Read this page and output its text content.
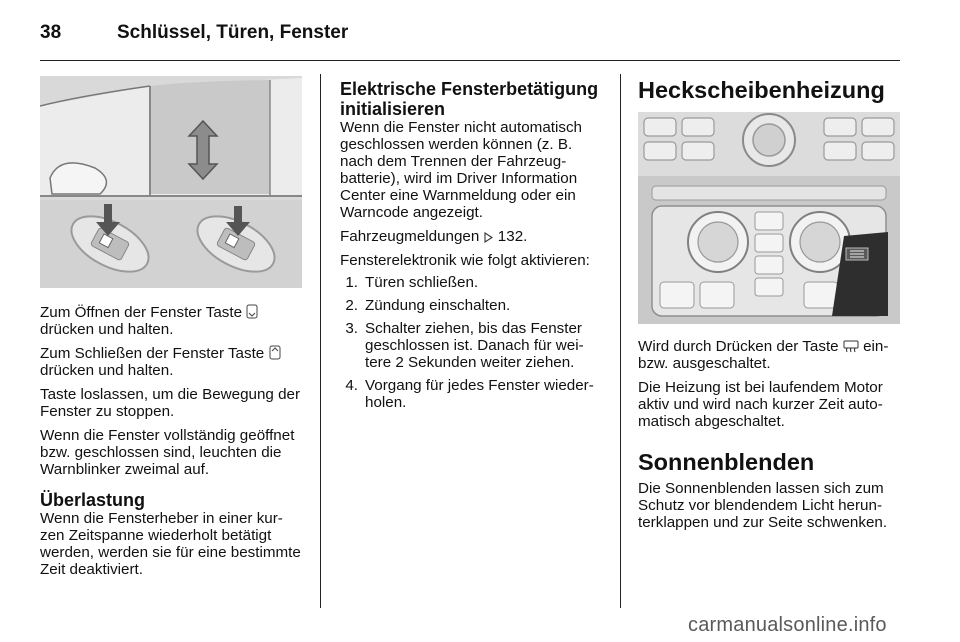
38	Schlüssel, Türen, Fenster

Zum Öffnen der Fenster Taste
drücken und halten.

Zum Schließen der Fenster Taste
drücken und halten.

Taste loslassen, um die Bewegung der Fenster zu stoppen.

Wenn die Fenster vollständig geöffnet bzw. geschlossen sind, leuchten die Warnblinker zweimal auf.

Überlastung

Wenn die Fensterheber in einer kurzen Zeitspanne wiederholt betätigt werden, werden sie für eine bestimmte Zeit deaktiviert.

Elektrische Fensterbetätigung initialisieren

Wenn die Fenster nicht automatisch geschlossen werden können (z. B. nach dem Trennen der Fahrzeugbatterie), wird im Driver Information Center eine Warnmeldung oder ein Warncode angezeigt.

Fahrzeugmeldungen 132.

Fensterelektronik wie folgt aktivieren:

1. Türen schließen.
2. Zündung einschalten.
3. Schalter ziehen, bis das Fenster geschlossen ist. Danach für weitere 2 Sekunden weiter ziehen.
4. Vorgang für jedes Fenster wiederholen.
Heckscheibenheizung

Wird durch Drücken der Taste ein- bzw. ausgeschaltet.

Die Heizung ist bei laufendem Motor aktiv und wird nach kurzer Zeit automatisch abgeschaltet.

Sonnenblenden

Die Sonnenblenden lassen sich zum Schutz vor blendendem Licht herunterklappen und zur Seite schwenken.

carmanualsonline.info
